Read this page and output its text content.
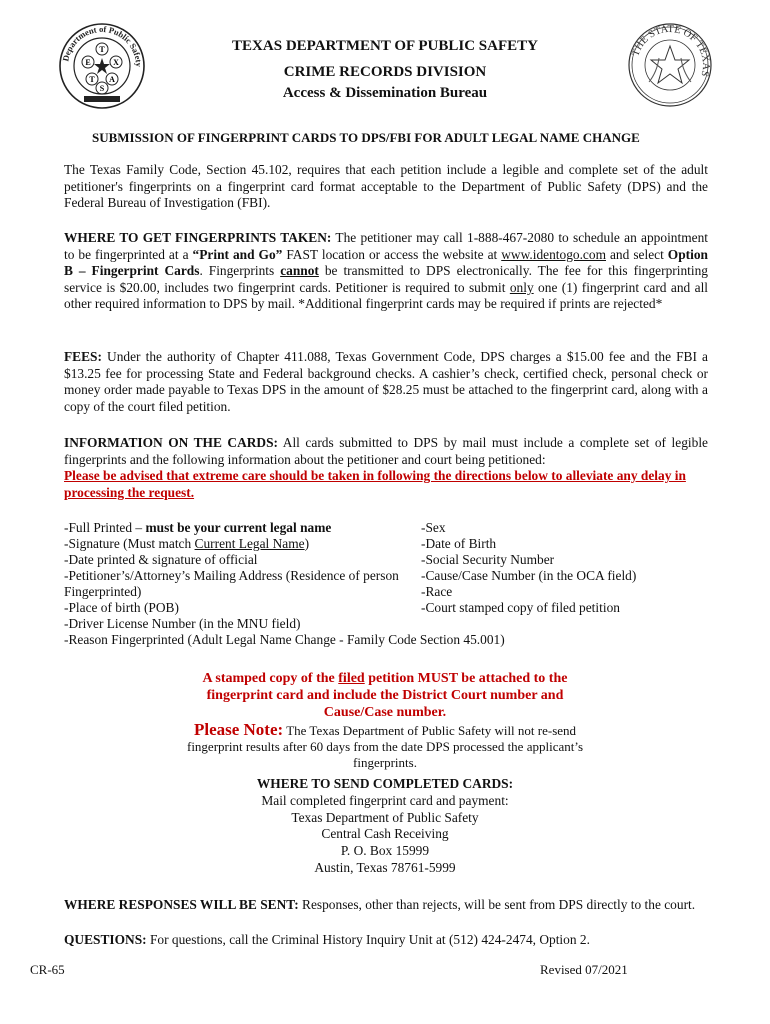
Department of Public Safety
T
E	X
T A
S
THE STATE OF TEXAS
TEXAS DEPARTMENT OF PUBLIC SAFETY
CRIME RECORDS DIVISION
Access & Dissemination Bureau
SUBMISSION OF FINGERPRINT CARDS TO DPS/FBI FOR ADULT LEGAL NAME CHANGE
The Texas Family Code, Section 45.102, requires that each petition include a legible and complete set of the adult petitioner's fingerprints on a fingerprint card format acceptable to the Department of Public Safety (DPS) and the Federal Bureau of Investigation (FBI).
WHERE TO GET FINGERPRINTS TAKEN: The petitioner may call 1-888-467-2080 to schedule an appointment to be fingerprinted at a “Print and Go” FAST location or access the website at www.identogo.com and select Option B – Fingerprint Cards. Fingerprints cannot be transmitted to DPS electronically. The fee for this fingerprinting service is $20.00, includes two fingerprint cards. Petitioner is required to submit only one (1) fingerprint card and all other required information to DPS by mail. *Additional fingerprint cards may be required if prints are rejected*
FEES: Under the authority of Chapter 411.088, Texas Government Code, DPS charges a $15.00 fee and the FBI a $13.25 fee for processing State and Federal background checks. A cashier’s check, certified check, personal check or money order made payable to Texas DPS in the amount of $28.25 must be attached to the fingerprint card, along with a copy of the court filed petition.
INFORMATION ON THE CARDS: All cards submitted to DPS by mail must include a complete set of legible fingerprints and the following information about the petitioner and court being petitioned:
Please be advised that extreme care should be taken in following the directions below to alleviate any delay in processing the request.
-Full Printed – must be your current legal name
-Signature (Must match Current Legal Name)
-Date printed & signature of official
-Petitioner’s/Attorney’s Mailing Address (Residence of person Fingerprinted)
-Place of birth (POB)
-Driver License Number (in the MNU field)
-Reason Fingerprinted (Adult Legal Name Change - Family Code Section 45.001)
-Sex
-Date of Birth
-Social Security Number
-Cause/Case Number (in the OCA field)
-Race
-Court stamped copy of filed petition
A stamped copy of the filed petition MUST be attached to the
fingerprint card and include the District Court number and
Cause/Case number.
Please Note: The Texas Department of Public Safety will not re-send
fingerprint results after 60 days from the date DPS processed the applicant’s
fingerprints.
WHERE TO SEND COMPLETED CARDS:
Mail completed fingerprint card and payment:
Texas Department of Public Safety
Central Cash Receiving
P. O. Box 15999
Austin, Texas 78761-5999
WHERE RESPONSES WILL BE SENT: Responses, other than rejects, will be sent from DPS directly to the court.
QUESTIONS: For questions, call the Criminal History Inquiry Unit at (512) 424-2474, Option 2.
CR-65	Revised 07/2021
